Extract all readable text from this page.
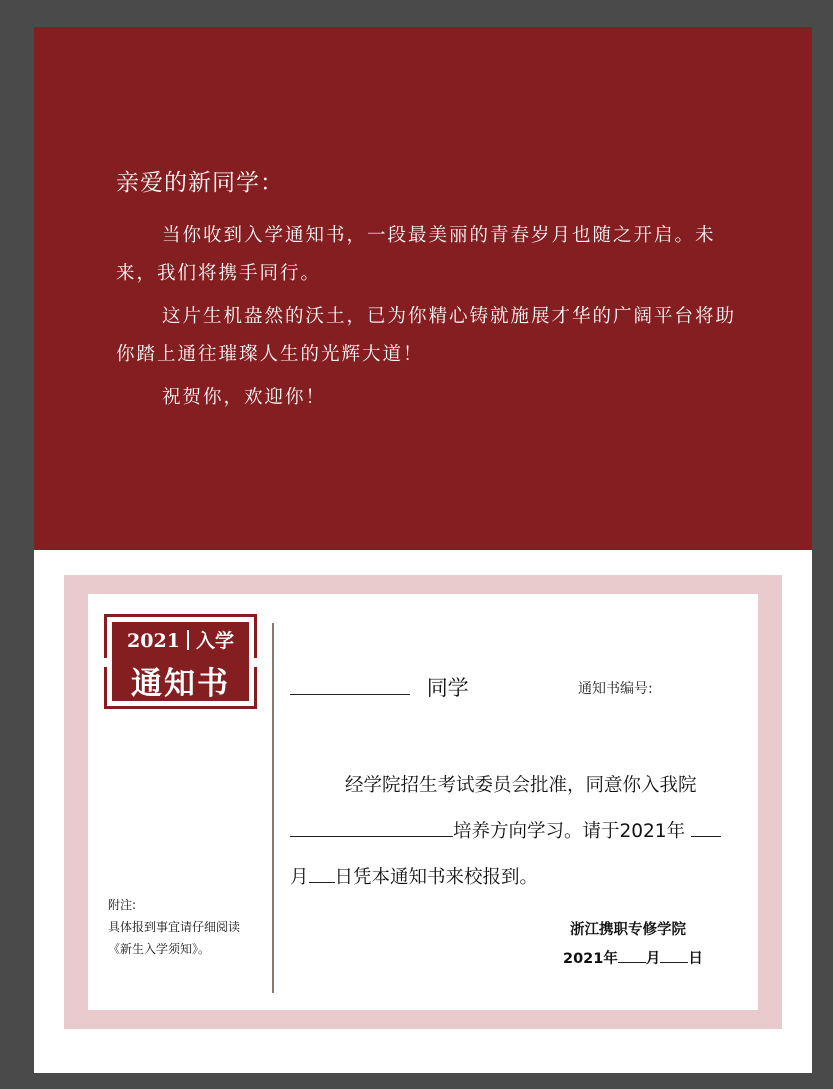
亲爱的新同学：

当你收到入学通知书，一段最美丽的青春岁月也随之开启。未来，我们将携手同行。

这片生机盎然的沃土，已为你精心铸就施展才华的广阔平台将助你踏上通往璀璨人生的光辉大道！

祝贺你，欢迎你！

2021 入学
通知书
附注:
具体报到事宜请仔细阅读
《新生入学须知》。
同学	通知书编号:
经学院招生考试委员会批准，同意你入我院
培养方向学习。请于2021年
月 日凭本通知书来校报到。
浙江携职专修学院
2021年 月 日
